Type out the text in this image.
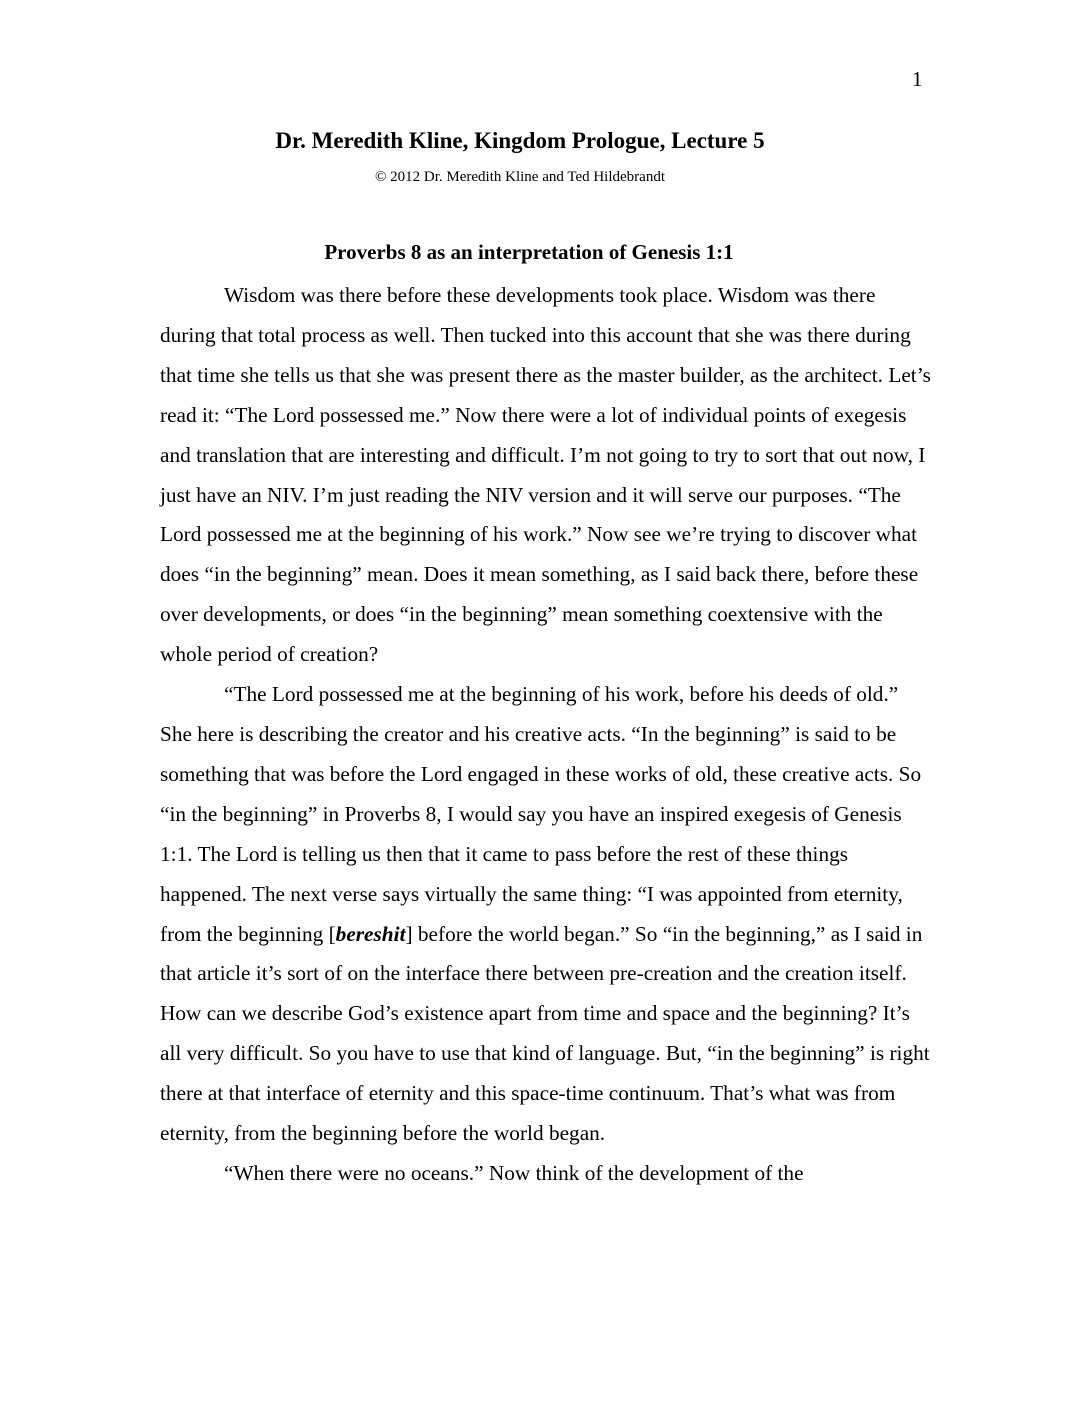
1
Dr. Meredith Kline, Kingdom Prologue, Lecture 5
© 2012 Dr. Meredith Kline and Ted Hildebrandt
Proverbs 8 as an interpretation of Genesis 1:1

Wisdom was there before these developments took place. Wisdom was there during that total process as well. Then tucked into this account that she was there during that time she tells us that she was present there as the master builder, as the architect. Let’s read it: “The Lord possessed me.” Now there were a lot of individual points of exegesis and translation that are interesting and difficult. I’m not going to try to sort that out now, I just have an NIV. I’m just reading the NIV version and it will serve our purposes. “The Lord possessed me at the beginning of his work.” Now see we’re trying to discover what does “in the beginning” mean. Does it mean something, as I said back there, before these over developments, or does “in the beginning” mean something coextensive with the whole period of creation?

“The Lord possessed me at the beginning of his work, before his deeds of old.” She here is describing the creator and his creative acts. “In the beginning” is said to be something that was before the Lord engaged in these works of old, these creative acts. So “in the beginning” in Proverbs 8, I would say you have an inspired exegesis of Genesis 1:1. The Lord is telling us then that it came to pass before the rest of these things happened. The next verse says virtually the same thing: “I was appointed from eternity, from the beginning [bereshit] before the world began.” So “in the beginning,” as I said in that article it’s sort of on the interface there between pre-creation and the creation itself. How can we describe God’s existence apart from time and space and the beginning? It’s all very difficult. So you have to use that kind of language. But, “in the beginning” is right there at that interface of eternity and this space-time continuum. That’s what was from eternity, from the beginning before the world began.

“When there were no oceans.” Now think of the development of the
